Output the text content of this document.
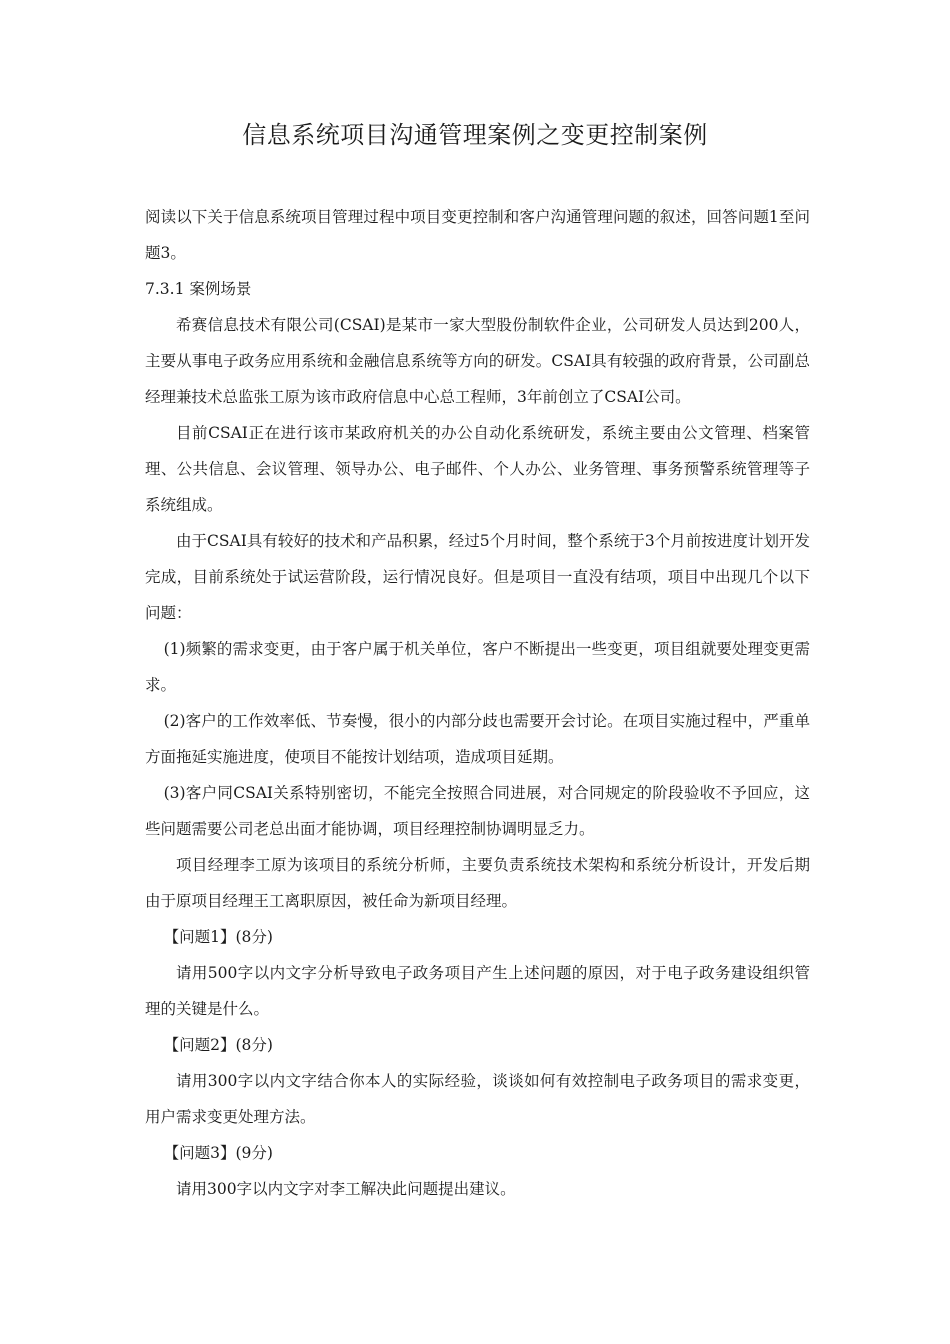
信息系统项目沟通管理案例之变更控制案例

阅读以下关于信息系统项目管理过程中项目变更控制和客户沟通管理问题的叙述，回答问题1至问题3。

7.3.1 案例场景

希赛信息技术有限公司(CSAI)是某市一家大型股份制软件企业，公司研发人员达到200人，主要从事电子政务应用系统和金融信息系统等方向的研发。CSAI具有较强的政府背景，公司副总经理兼技术总监张工原为该市政府信息中心总工程师，3年前创立了CSAI公司。

目前CSAI正在进行该市某政府机关的办公自动化系统研发，系统主要由公文管理、档案管理、公共信息、会议管理、领导办公、电子邮件、个人办公、业务管理、事务预警系统管理等子系统组成。

由于CSAI具有较好的技术和产品积累，经过5个月时间，整个系统于3个月前按进度计划开发完成，目前系统处于试运营阶段，运行情况良好。但是项目一直没有结项，项目中出现几个以下问题：

(1)频繁的需求变更，由于客户属于机关单位，客户不断提出一些变更，项目组就要处理变更需求。

(2)客户的工作效率低、节奏慢，很小的内部分歧也需要开会讨论。在项目实施过程中，严重单方面拖延实施进度，使项目不能按计划结项，造成项目延期。

(3)客户同CSAI关系特别密切，不能完全按照合同进展，对合同规定的阶段验收不予回应，这些问题需要公司老总出面才能协调，项目经理控制协调明显乏力。

项目经理李工原为该项目的系统分析师，主要负责系统技术架构和系统分析设计，开发后期由于原项目经理王工离职原因，被任命为新项目经理。

【问题1】(8分)

请用500字以内文字分析导致电子政务项目产生上述问题的原因，对于电子政务建设组织管理的关键是什么。

【问题2】(8分)

请用300字以内文字结合你本人的实际经验，谈谈如何有效控制电子政务项目的需求变更，用户需求变更处理方法。

【问题3】(9分)

请用300字以内文字对李工解决此问题提出建议。
